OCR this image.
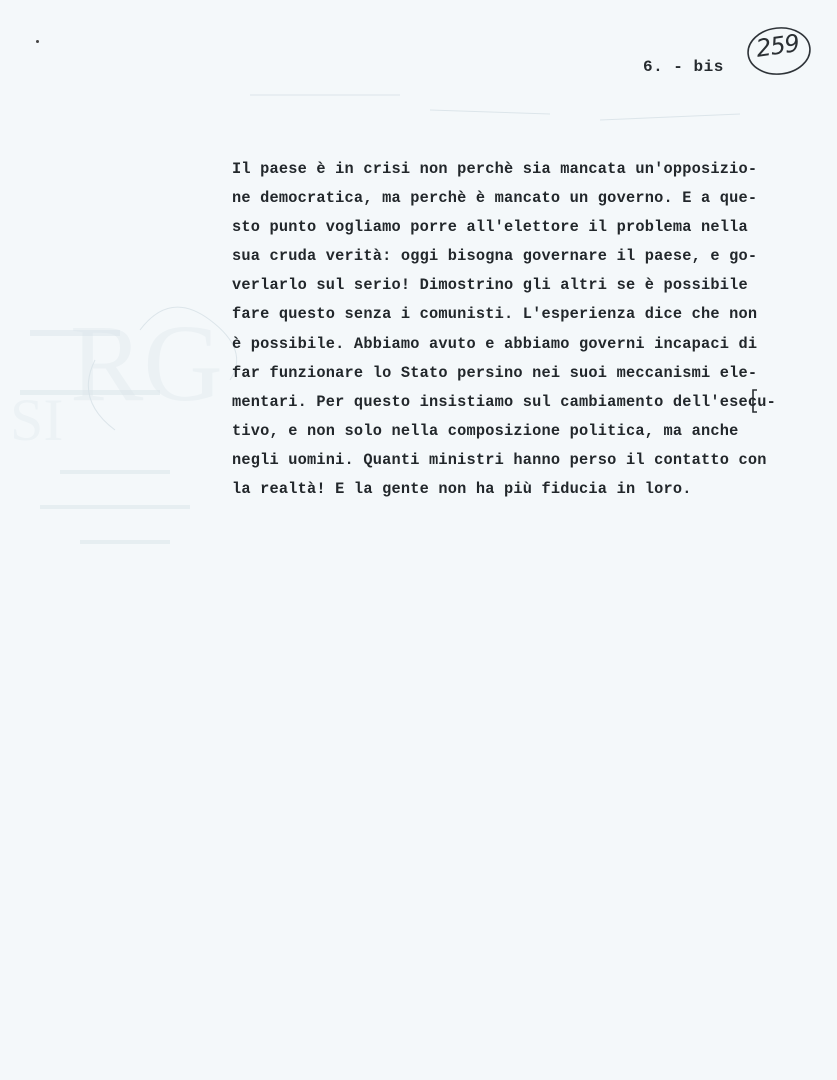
RG
SI
259
6. - bis
Il paese è in crisi non perchè sia mancata un'opposizio-
ne democratica, ma perchè è mancato un governo. E a que-
sto punto vogliamo porre all'elettore il problema nella
sua cruda verità: oggi bisogna governare il paese, e go-
verlarlo sul serio! Dimostrino gli altri se è possibile
fare questo senza i comunisti. L'esperienza dice che non
è possibile. Abbiamo avuto e abbiamo governi incapaci di
far funzionare lo Stato persino nei suoi meccanismi ele-
mentari. Per questo insistiamo sul cambiamento dell'esecu-
tivo, e non solo nella composizione politica, ma anche
negli uomini. Quanti ministri hanno perso il contatto con
la realtà! E la gente non ha più fiducia in loro.
